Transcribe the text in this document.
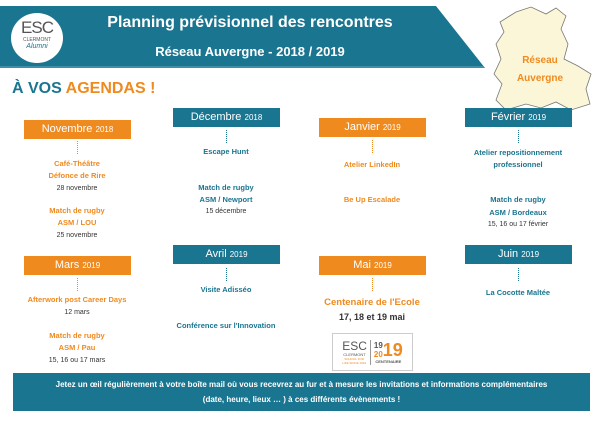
ESC
CLERMONT
Alumni
Planning prévisionnel des rencontres
Réseau Auvergne - 2018 / 2019
Réseau
Auvergne
À VOS AGENDAS !
Novembre 2018
Café-Théâtre
Défonce de Rire
28 novembre
Match de rugby
ASM / LOU
25 novembre
Décembre 2018
Escape Hunt
Match de rugby
ASM / Newport
15 décembre
Janvier 2019
Atelier LinkedIn
Be Up Escalade
Février 2019
Atelier repositionnement
professionnel
Match de rugby
ASM / Bordeaux
15, 16 ou 17 février
Mars 2019
Afterwork post Career Days
12 mars
Match de rugby
ASM / Pau
15, 16 ou 17 mars
Avril 2019
Visite Adisséo
Conférence sur l'Innovation
Mai 2019
Centenaire de l'Ecole
17, 18 et 19 mai
Juin 2019
La Cocotte Maltée
ESC
CLERMONT
SCHOOL FOR LIFE SINCE 1919
19
20 19
CENTENAIRE
Jetez un œil régulièrement à votre boîte mail où vous recevrez au fur et à mesure les invitations et informations complémentaires
(date, heure, lieux … ) à ces différents évènements !
